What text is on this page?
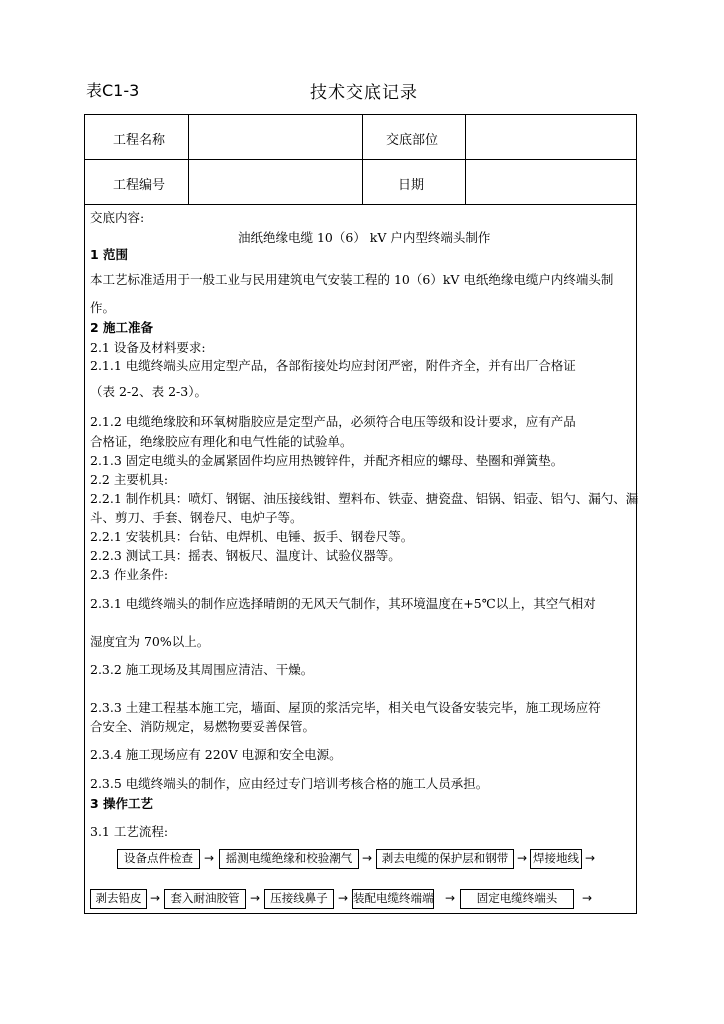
表C1-3	技术交底记录
工程名称	交底部位
工程编号	日期
交底内容:
油纸绝缘电缆 10（6） kV 户内型终端头制作
1 范围
本工艺标准适用于一般工业与民用建筑电气安装工程的 10（6）kV 电纸绝缘电缆户内终端头制
作。
2 施工准备
2.1 设备及材料要求:
2.1.1 电缆终端头应用定型产品，各部衔接处均应封闭严密，附件齐全，并有出厂合格证
（表 2-2、表 2-3）。
2.1.2 电缆绝缘胶和环氧树脂胶应是定型产品，必须符合电压等级和设计要求，应有产品
合格证，绝缘胶应有理化和电气性能的试验单。
2.1.3 固定电缆头的金属紧固件均应用热镀锌件，并配齐相应的螺母、垫圈和弹簧垫。
2.2 主要机具:
2.2.1 制作机具：喷灯、钢锯、油压接线钳、塑料布、铁壶、搪瓷盘、铝锅、铝壶、铝勺、漏勺、漏
斗、剪刀、手套、钢卷尺、电炉子等。
2.2.1 安装机具：台钻、电焊机、电锤、扳手、钢卷尺等。
2.2.3 测试工具：摇表、钢板尺、温度计、试验仪器等。
2.3 作业条件:
2.3.1 电缆终端头的制作应选择晴朗的无风天气制作，其环境温度在+5℃以上，其空气相对
湿度宜为 70%以上。
2.3.2 施工现场及其周围应清洁、干燥。
2.3.3 土建工程基本施工完，墙面、屋顶的浆活完毕，相关电气设备安装完毕，施工现场应符
合安全、消防规定，易燃物要妥善保管。
2.3.4 施工现场应有 220V 电源和安全电源。
2.3.5 电缆终端头的制作，应由经过专门培训考核合格的施工人员承担。
3 操作工艺
3.1 工艺流程:
设备点件检查 →	摇测电缆绝缘和校验潮气 → 剥去电缆的保护层和钢带 → 焊接地线 →
剥去铅皮 → 套入耐油胶管 → 压接线鼻子 → 装配电缆终端端 →	固定电缆终端头	→
